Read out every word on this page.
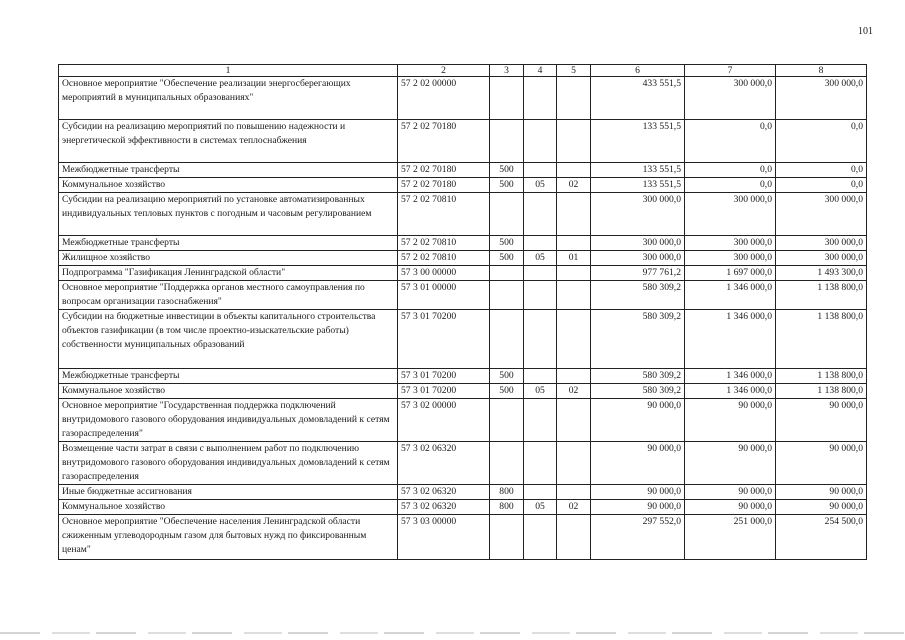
101
1	2	3	4	5	6	7	8
Основное мероприятие "Обеспечение реализации энергосберегающих мероприятий в муниципальных образованиях"	57 2 02 00000				433 551,5	300 000,0	300 000,0
Субсидии на реализацию мероприятий по повышению надежности и энергетической эффективности в системах теплоснабжения	57 2 02 70180				133 551,5	0,0	0,0
Межбюджетные трансферты	57 2 02 70180	500			133 551,5	0,0	0,0
Коммунальное хозяйство	57 2 02 70180	500	05	02	133 551,5	0,0	0,0
Субсидии на реализацию мероприятий по установке автоматизированных индивидуальных тепловых пунктов с погодным и часовым регулированием	57 2 02 70810				300 000,0	300 000,0	300 000,0
Межбюджетные трансферты	57 2 02 70810	500			300 000,0	300 000,0	300 000,0
Жилищное хозяйство	57 2 02 70810	500	05	01	300 000,0	300 000,0	300 000,0
Подпрограмма "Газификация Ленинградской области"	57 3 00 00000				977 761,2	1 697 000,0	1 493 300,0
Основное мероприятие "Поддержка органов местного самоуправления по вопросам организации газоснабжения"	57 3 01 00000				580 309,2	1 346 000,0	1 138 800,0
Субсидии на бюджетные инвестиции в объекты капитального строительства объектов газификации (в том числе проектно-изыскательские работы) собственности муниципальных образований	57 3 01 70200				580 309,2	1 346 000,0	1 138 800,0
Межбюджетные трансферты	57 3 01 70200	500			580 309,2	1 346 000,0	1 138 800,0
Коммунальное хозяйство	57 3 01 70200	500	05	02	580 309,2	1 346 000,0	1 138 800,0
Основное мероприятие "Государственная поддержка подключений внутридомового газового оборудования индивидуальных домовладений к сетям газораспределения"	57 3 02 00000				90 000,0	90 000,0	90 000,0
Возмещение части затрат в связи с выполнением работ по подключению внутридомового газового оборудования индивидуальных домовладений к сетям газораспределения	57 3 02 06320				90 000,0	90 000,0	90 000,0
Иные бюджетные ассигнования	57 3 02 06320	800			90 000,0	90 000,0	90 000,0
Коммунальное хозяйство	57 3 02 06320	800	05	02	90 000,0	90 000,0	90 000,0
Основное мероприятие "Обеспечение населения Ленинградской области сжиженным углеводородным газом для бытовых нужд по фиксированным ценам"	57 3 03 00000				297 552,0	251 000,0	254 500,0
